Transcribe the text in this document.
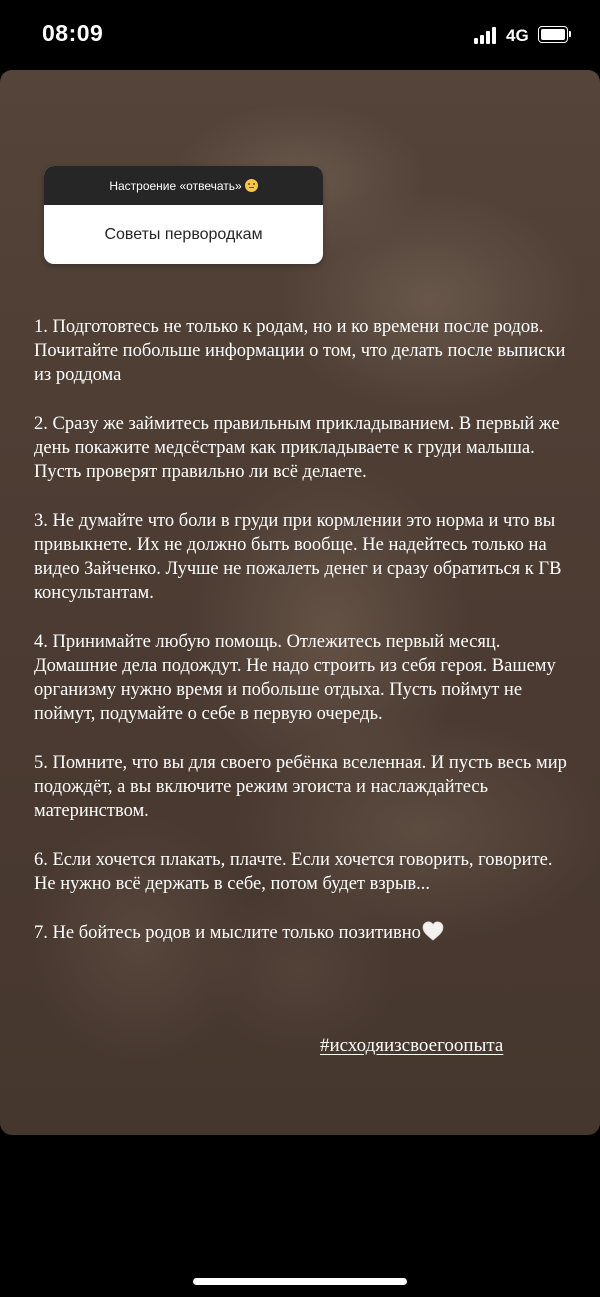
08:09	4G
Настроение «отвечать»
Советы первородкам
1. Подготовтесь не только к родам, но и ко времени после родов. Почитайте побольше информации о том, что делать после выписки из роддома
2. Сразу же займитесь правильным прикладыванием. В первый же день покажите медсёстрам как прикладываете к груди малыша. Пусть проверят правильно ли всё делаете.
3. Не думайте что боли в груди при кормлении это норма и что вы привыкнете. Их не должно быть вообще. Не надейтесь только на видео Зайченко. Лучше не пожалеть денег и сразу обратиться к ГВ консультантам.
4. Принимайте любую помощь. Отлежитесь первый месяц. Домашние дела подождут. Не надо строить из себя героя. Вашему организму нужно время и побольше отдыха. Пусть поймут не поймут, подумайте о себе в первую очередь.
5. Помните, что вы для своего ребёнка вселенная. И пусть весь мир подождёт, а вы включите режим эгоиста и наслаждайтесь материнством.
6. Если хочется плакать, плачте. Если хочется говорить, говорите. Не нужно всё держать в себе, потом будет взрыв...
7. Не бойтесь родов и мыслите только позитивно
#исходяизсвоегоопыта
